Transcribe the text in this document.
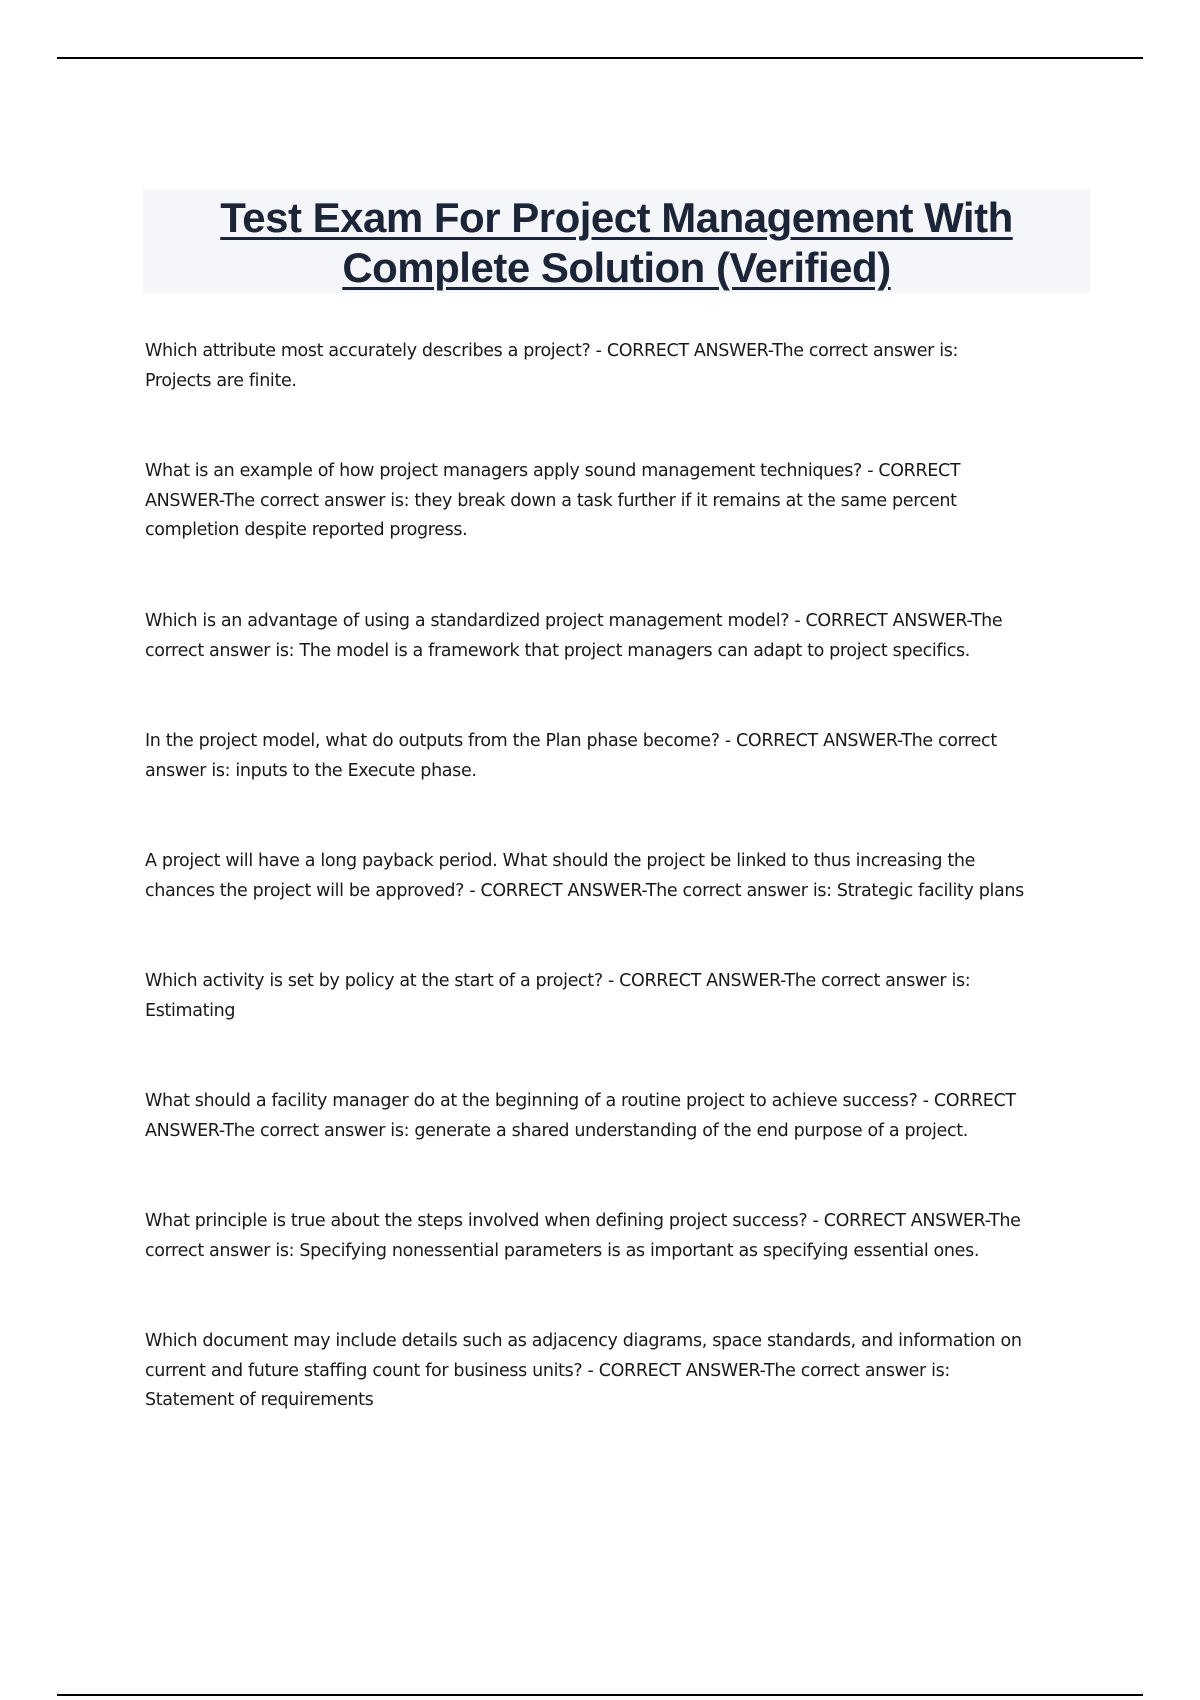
Test Exam For Project Management With
Complete Solution (Verified)
Which attribute most accurately describes a project? - CORRECT ANSWER-The correct answer is:
Projects are finite.
What is an example of how project managers apply sound management techniques? - CORRECT
ANSWER-The correct answer is: they break down a task further if it remains at the same percent
completion despite reported progress.
Which is an advantage of using a standardized project management model? - CORRECT ANSWER-The
correct answer is: The model is a framework that project managers can adapt to project specifics.
In the project model, what do outputs from the Plan phase become? - CORRECT ANSWER-The correct
answer is: inputs to the Execute phase.
A project will have a long payback period. What should the project be linked to thus increasing the
chances the project will be approved? - CORRECT ANSWER-The correct answer is: Strategic facility plans
Which activity is set by policy at the start of a project? - CORRECT ANSWER-The correct answer is:
Estimating
What should a facility manager do at the beginning of a routine project to achieve success? - CORRECT
ANSWER-The correct answer is: generate a shared understanding of the end purpose of a project.
What principle is true about the steps involved when defining project success? - CORRECT ANSWER-The
correct answer is: Specifying nonessential parameters is as important as specifying essential ones.
Which document may include details such as adjacency diagrams, space standards, and information on
current and future staffing count for business units? - CORRECT ANSWER-The correct answer is:
Statement of requirements
